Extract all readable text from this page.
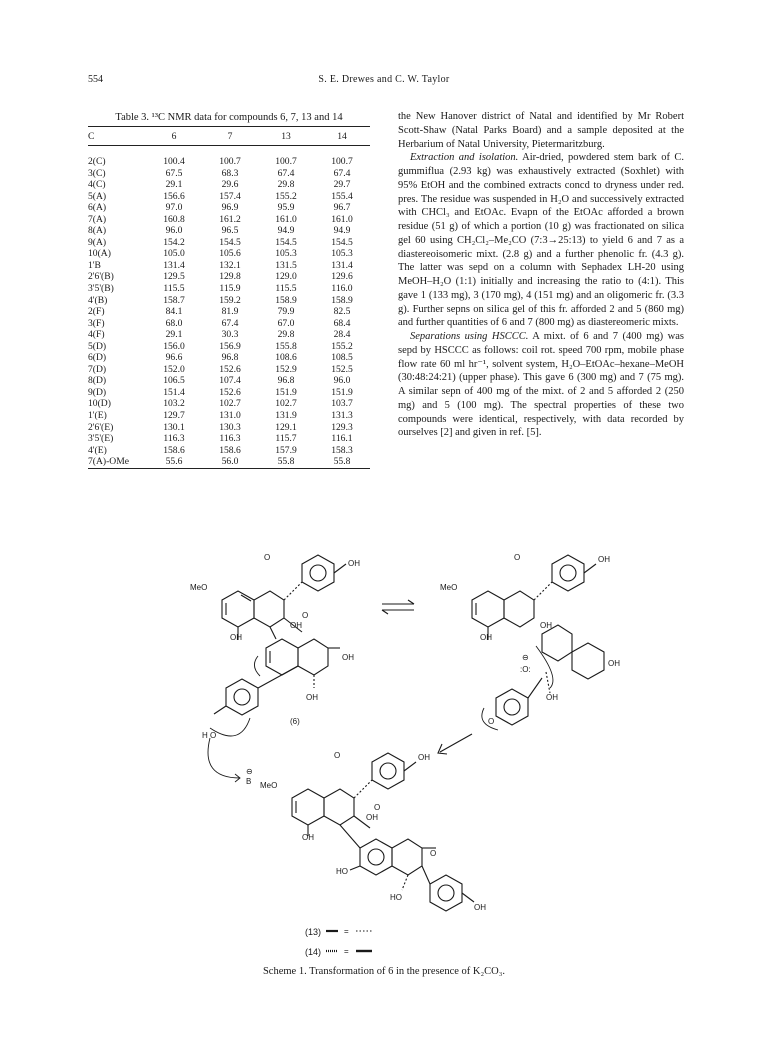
554	S. E. Drewes and C. W. Taylor
Table 3. ¹³C NMR data for compounds 6, 7, 13 and 14
C	6	7	13	14
2(C)	100.4	100.7	100.7	100.7
3(C)	67.5	68.3	67.4	67.4
4(C)	29.1	29.6	29.8	29.7
5(A)	156.6	157.4	155.2	155.4
6(A)	97.0	96.9	95.9	96.7
7(A)	160.8	161.2	161.0	161.0
8(A)	96.0	96.5	94.9	94.9
9(A)	154.2	154.5	154.5	154.5
10(A)	105.0	105.6	105.3	105.3
1'B	131.4	132.1	131.5	131.4
2'6'(B)	129.5	129.8	129.0	129.6
3'5'(B)	115.5	115.9	115.5	116.0
4'(B)	158.7	159.2	158.9	158.9
2(F)	84.1	81.9	79.9	82.5
3(F)	68.0	67.4	67.0	68.4
4(F)	29.1	30.3	29.8	28.4
5(D)	156.0	156.9	155.8	155.2
6(D)	96.6	96.8	108.6	108.5
7(D)	152.0	152.6	152.9	152.5
8(D)	106.5	107.4	96.8	96.0
9(D)	151.4	152.6	151.9	151.9
10(D)	103.2	102.7	102.7	103.7
1'(E)	129.7	131.0	131.9	131.3
2'6'(E)	130.1	130.3	129.1	129.3
3'5'(E)	116.3	116.3	115.7	116.1
4'(E)	158.6	158.6	157.9	158.3
7(A)-OMe	55.6	56.0	55.8	55.8

the New Hanover district of Natal and identified by Mr Robert Scott-Shaw (Natal Parks Board) and a sample deposited at the Herbarium of Natal University, Pietermaritzburg.

Extraction and isolation. Air-dried, powdered stem bark of C. gummiflua (2.93 kg) was exhaustively extracted (Soxhlet) with 95% EtOH and the combined extracts concd to dryness under red. pres. The residue was suspended in H₂O and successively extracted with CHCl₃ and EtOAc. Evapn of the EtOAc afforded a brown residue (51 g) of which a portion (10 g) was fractionated on silica gel 60 using CH₂Cl₂–Me₂CO (7:3→25:13) to yield 6 and 7 as a diastereoisomeric mixt. (2.8 g) and a further phenolic fr. (4.3 g). The latter was sepd on a column with Sephadex LH-20 using MeOH–H₂O (1:1) initially and increasing the ratio to (4:1). This gave 1 (133 mg), 3 (170 mg), 4 (151 mg) and an oligomeric fr. (3.3 g). Further sepns on silica gel of this fr. afforded 2 and 5 (860 mg) and further quantities of 6 and 7 (800 mg) as diastereomeric mixts.

Separations using HSCCC. A mixt. of 6 and 7 (400 mg) was sepd by HSCCC as follows: coil rot. speed 700 rpm, mobile phase flow rate 60 ml hr⁻¹, solvent system, H₂O–EtOAc–hexane–MeOH (30:48:24:21) (upper phase). This gave 6 (300 mg) and 7 (75 mg). A similar sepn of 400 mg of the mixt. of 2 and 5 afforded 2 (250 mg) and 5 (100 mg). The spectral properties of these two compounds were identical, respectively, with data recorded by ourselves [2] and given in ref. [5].

MeO
O
OH
OH
O
OH
OH
OH
H O
(6)
⊖
B
MeO
O	OH
OH
OH
⊖
:O:
OH
OH
O
MeO
O	OH
OH
O
OH
HO
O
HO
OH
(13)	=
(14)	=
Scheme 1. Transformation of 6 in the presence of K₂CO₃.
